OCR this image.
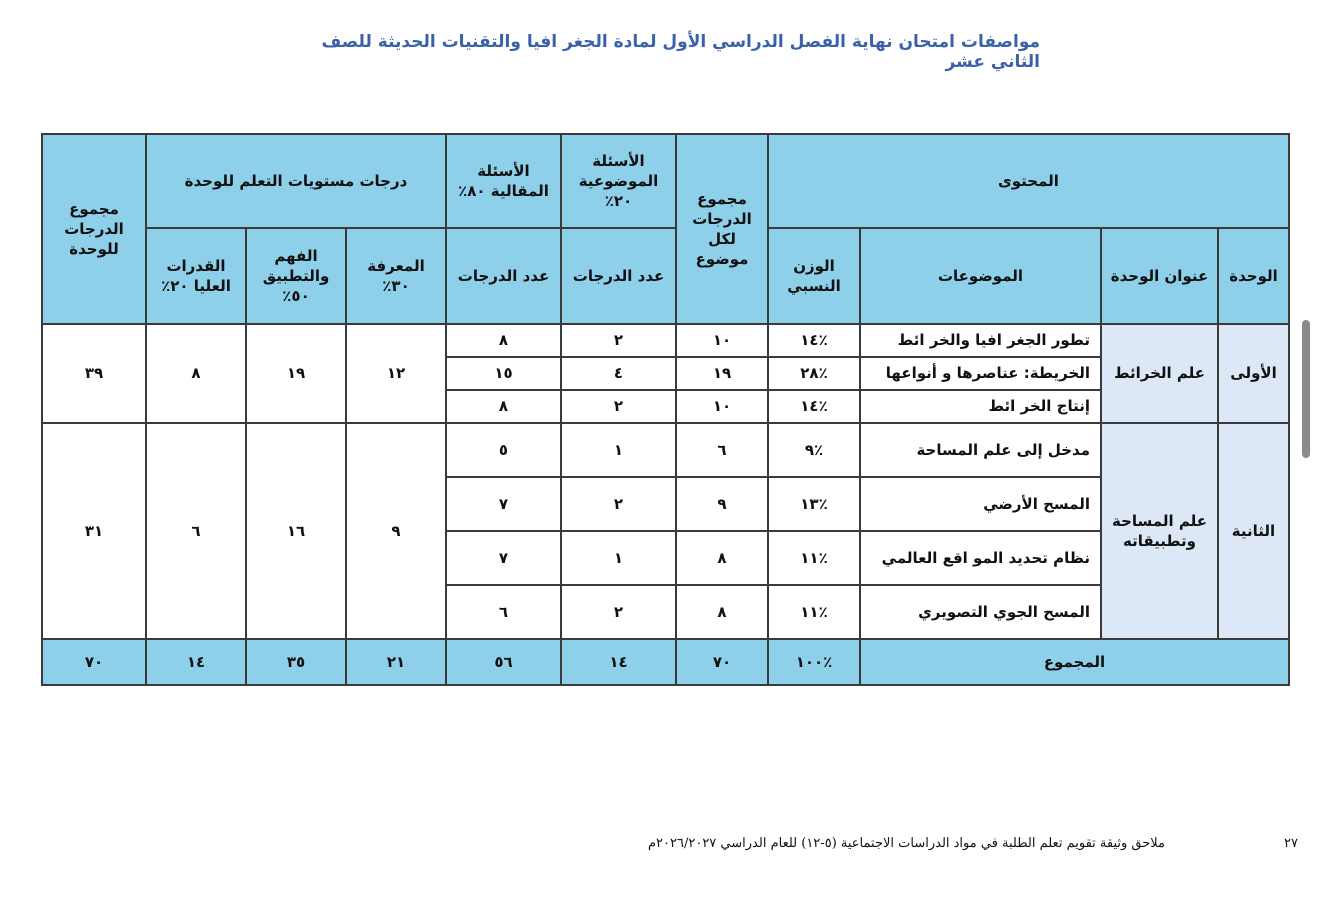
مواصفات امتحان نهاية الفصل الدراسي الأول لمادة الجغر افيا والتقنيات الحديثة للصف الثاني عشر
المحتوى				مجموع الدرجات لكل موضوع	الأسئلة الموضوعية ٢٠٪	الأسئلة المقالية ٨٠٪	درجات مستويات التعلم للوحدة			مجموع الدرجات للوحدة
الوحدة	عنوان الوحدة	الموضوعات	الوزن النسبي		عدد الدرجات	عدد الدرجات	المعرفة ٣٠٪	الفهم والتطبيق ٥٠٪	القدرات العليا ٢٠٪	
الأولى	علم الخرائط	تطور الجغر افيا والخر ائط	٪١٤	١٠	٢	٨	١٢	١٩	٨	٣٩
		الخريطة: عناصرها و أنواعها	٪٢٨	١٩	٤	١٥				
		إنتاج الخر ائط	٪١٤	١٠	٢	٨				
الثانية	علم المساحة وتطبيقاته	مدخل إلى علم المساحة	٪٩	٦	١	٥	٩	١٦	٦	٣١
		المسح الأرضي	٪١٣	٩	٢	٧				
		نظام تحديد المو اقع العالمي	٪١١	٨	١	٧				
		المسح الجوي التصويري	٪١١	٨	٢	٦				
المجموع			٪١٠٠	٧٠	١٤	٥٦	٢١	٣٥	١٤	٧٠
٢٧
ملاحق وثيقة تقويم تعلم الطلبة في مواد الدراسات الاجتماعية (٥-١٢) للعام الدراسي ٢٠٢٦/٢٠٢٧م
